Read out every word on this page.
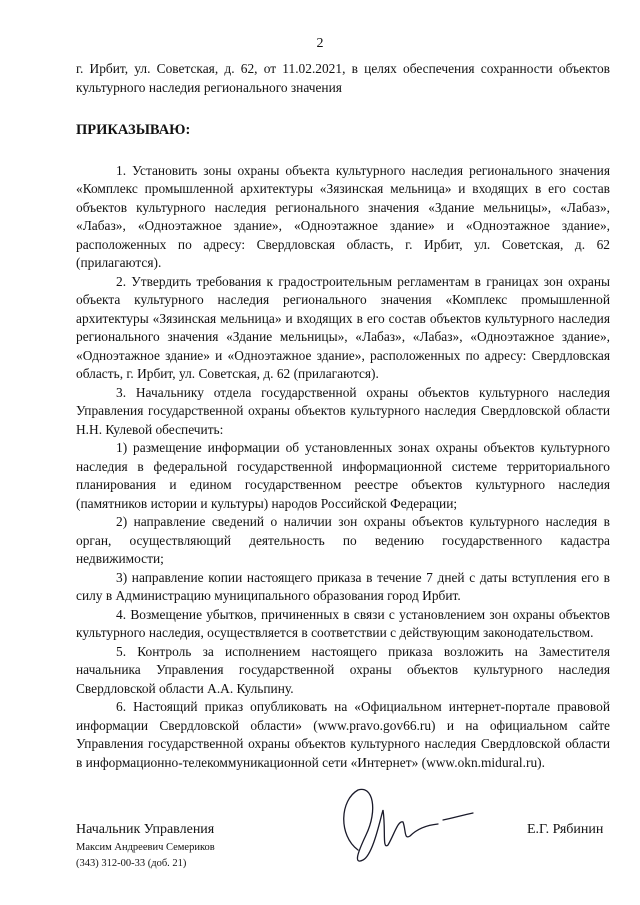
2

г. Ирбит, ул. Советская, д. 62, от 11.02.2021, в целях обеспечения сохранности объектов культурного наследия регионального значения

ПРИКАЗЫВАЮ:

1. Установить зоны охраны объекта культурного наследия регионального значения «Комплекс промышленной архитектуры «Зязинская мельница» и входящих в его состав объектов культурного наследия регионального значения «Здание мельницы», «Лабаз», «Лабаз», «Одноэтажное здание», «Одноэтажное здание» и «Одноэтажное здание», расположенных по адресу: Свердловская область, г. Ирбит, ул. Советская, д. 62 (прилагаются).

2. Утвердить требования к градостроительным регламентам в границах зон охраны объекта культурного наследия регионального значения «Комплекс промышленной архитектуры «Зязинская мельница» и входящих в его состав объектов культурного наследия регионального значения «Здание мельницы», «Лабаз», «Лабаз», «Одноэтажное здание», «Одноэтажное здание» и «Одноэтажное здание», расположенных по адресу: Свердловская область, г. Ирбит, ул. Советская, д. 62 (прилагаются).

3. Начальнику отдела государственной охраны объектов культурного наследия Управления государственной охраны объектов культурного наследия Свердловской области Н.Н. Кулевой обеспечить:

1) размещение информации об установленных зонах охраны объектов культурного наследия в федеральной государственной информационной системе территориального планирования и едином государственном реестре объектов культурного наследия (памятников истории и культуры) народов Российской Федерации;

2) направление сведений о наличии зон охраны объектов культурного наследия в орган, осуществляющий деятельность по ведению государственного кадастра недвижимости;

3) направление копии настоящего приказа в течение 7 дней с даты вступления его в силу в Администрацию муниципального образования город Ирбит.

4. Возмещение убытков, причиненных в связи с установлением зон охраны объектов культурного наследия, осуществляется в соответствии с действующим законодательством.

5. Контроль за исполнением настоящего приказа возложить на Заместителя начальника Управления государственной охраны объектов культурного наследия Свердловской области А.А. Кульпину.

6. Настоящий приказ опубликовать на «Официальном интернет-портале правовой информации Свердловской области» (www.pravo.gov66.ru) и на официальном сайте Управления государственной охраны объектов культурного наследия Свердловской области в информационно-телекоммуникационной сети «Интернет» (www.okn.midural.ru).

Начальник Управления
Максим Андреевич Семериков
(343) 312-00-33 (доб. 21)
Е.Г. Рябинин
